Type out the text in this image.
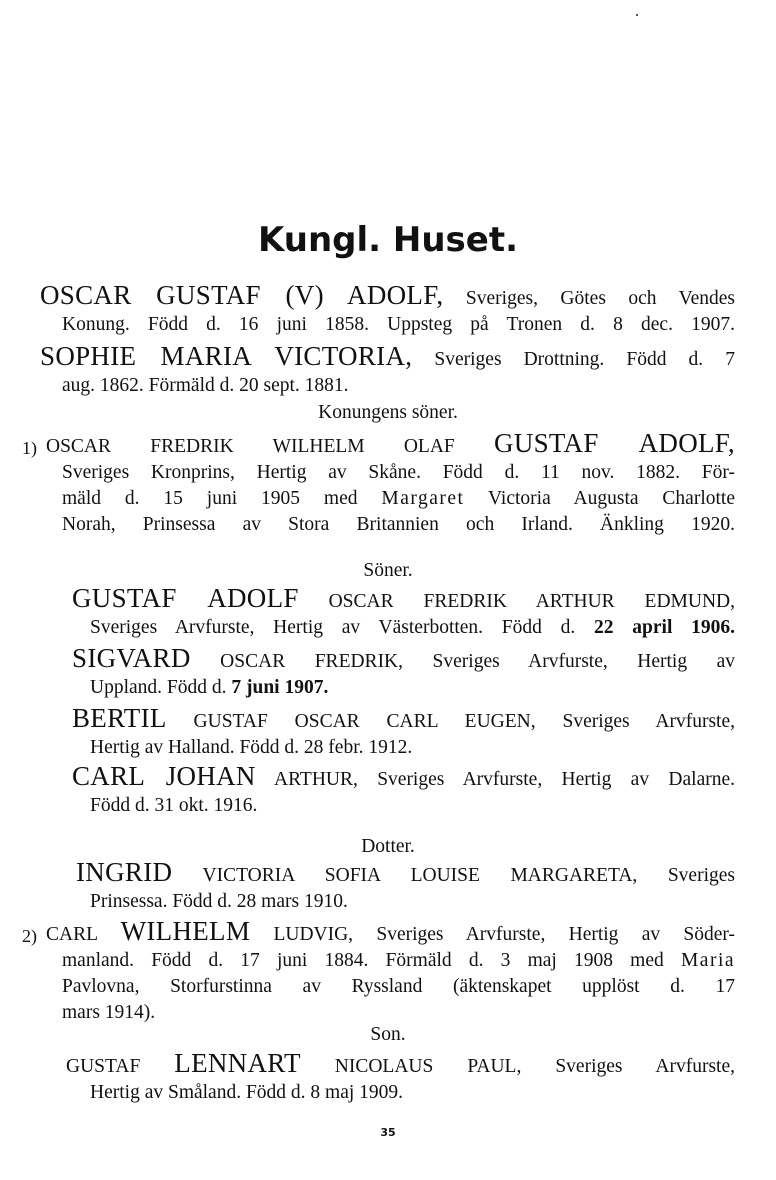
Kungl. Huset.
OSCAR GUSTAF (V) ADOLF, Sveriges, Götes och Vendes
Konung. Född d. 16 juni 1858. Uppsteg på Tronen d. 8 dec. 1907.
SOPHIE MARIA VICTORIA, Sveriges Drottning. Född d. 7
aug. 1862. Förmäld d. 20 sept. 1881.
Konungens söner.
1) OSCAR FREDRIK WILHELM OLAF GUSTAF ADOLF,
Sveriges Kronprins, Hertig av Skåne. Född d. 11 nov. 1882. För-
mäld d. 15 juni 1905 med Margaret Victoria Augusta Charlotte
Norah, Prinsessa av Stora Britannien och Irland. Änkling 1920.
Söner.
GUSTAF ADOLF OSCAR FREDRIK ARTHUR EDMUND,
Sveriges Arvfurste, Hertig av Västerbotten. Född d. 22 april 1906.
SIGVARD OSCAR FREDRIK, Sveriges Arvfurste, Hertig av
Uppland. Född d. 7 juni 1907.
BERTIL GUSTAF OSCAR CARL EUGEN, Sveriges Arvfurste,
Hertig av Halland. Född d. 28 febr. 1912.
CARL JOHAN ARTHUR, Sveriges Arvfurste, Hertig av Dalarne.
Född d. 31 okt. 1916.
Dotter.
INGRID VICTORIA SOFIA LOUISE MARGARETA, Sveriges
Prinsessa. Född d. 28 mars 1910.
2) CARL WILHELM LUDVIG, Sveriges Arvfurste, Hertig av Söder-
manland. Född d. 17 juni 1884. Förmäld d. 3 maj 1908 med Maria
Pavlovna, Storfurstinna av Ryssland (äktenskapet upplöst d. 17
mars 1914).
Son.
GUSTAF LENNART NICOLAUS PAUL, Sveriges Arvfurste,
Hertig av Småland. Född d. 8 maj 1909.
35
